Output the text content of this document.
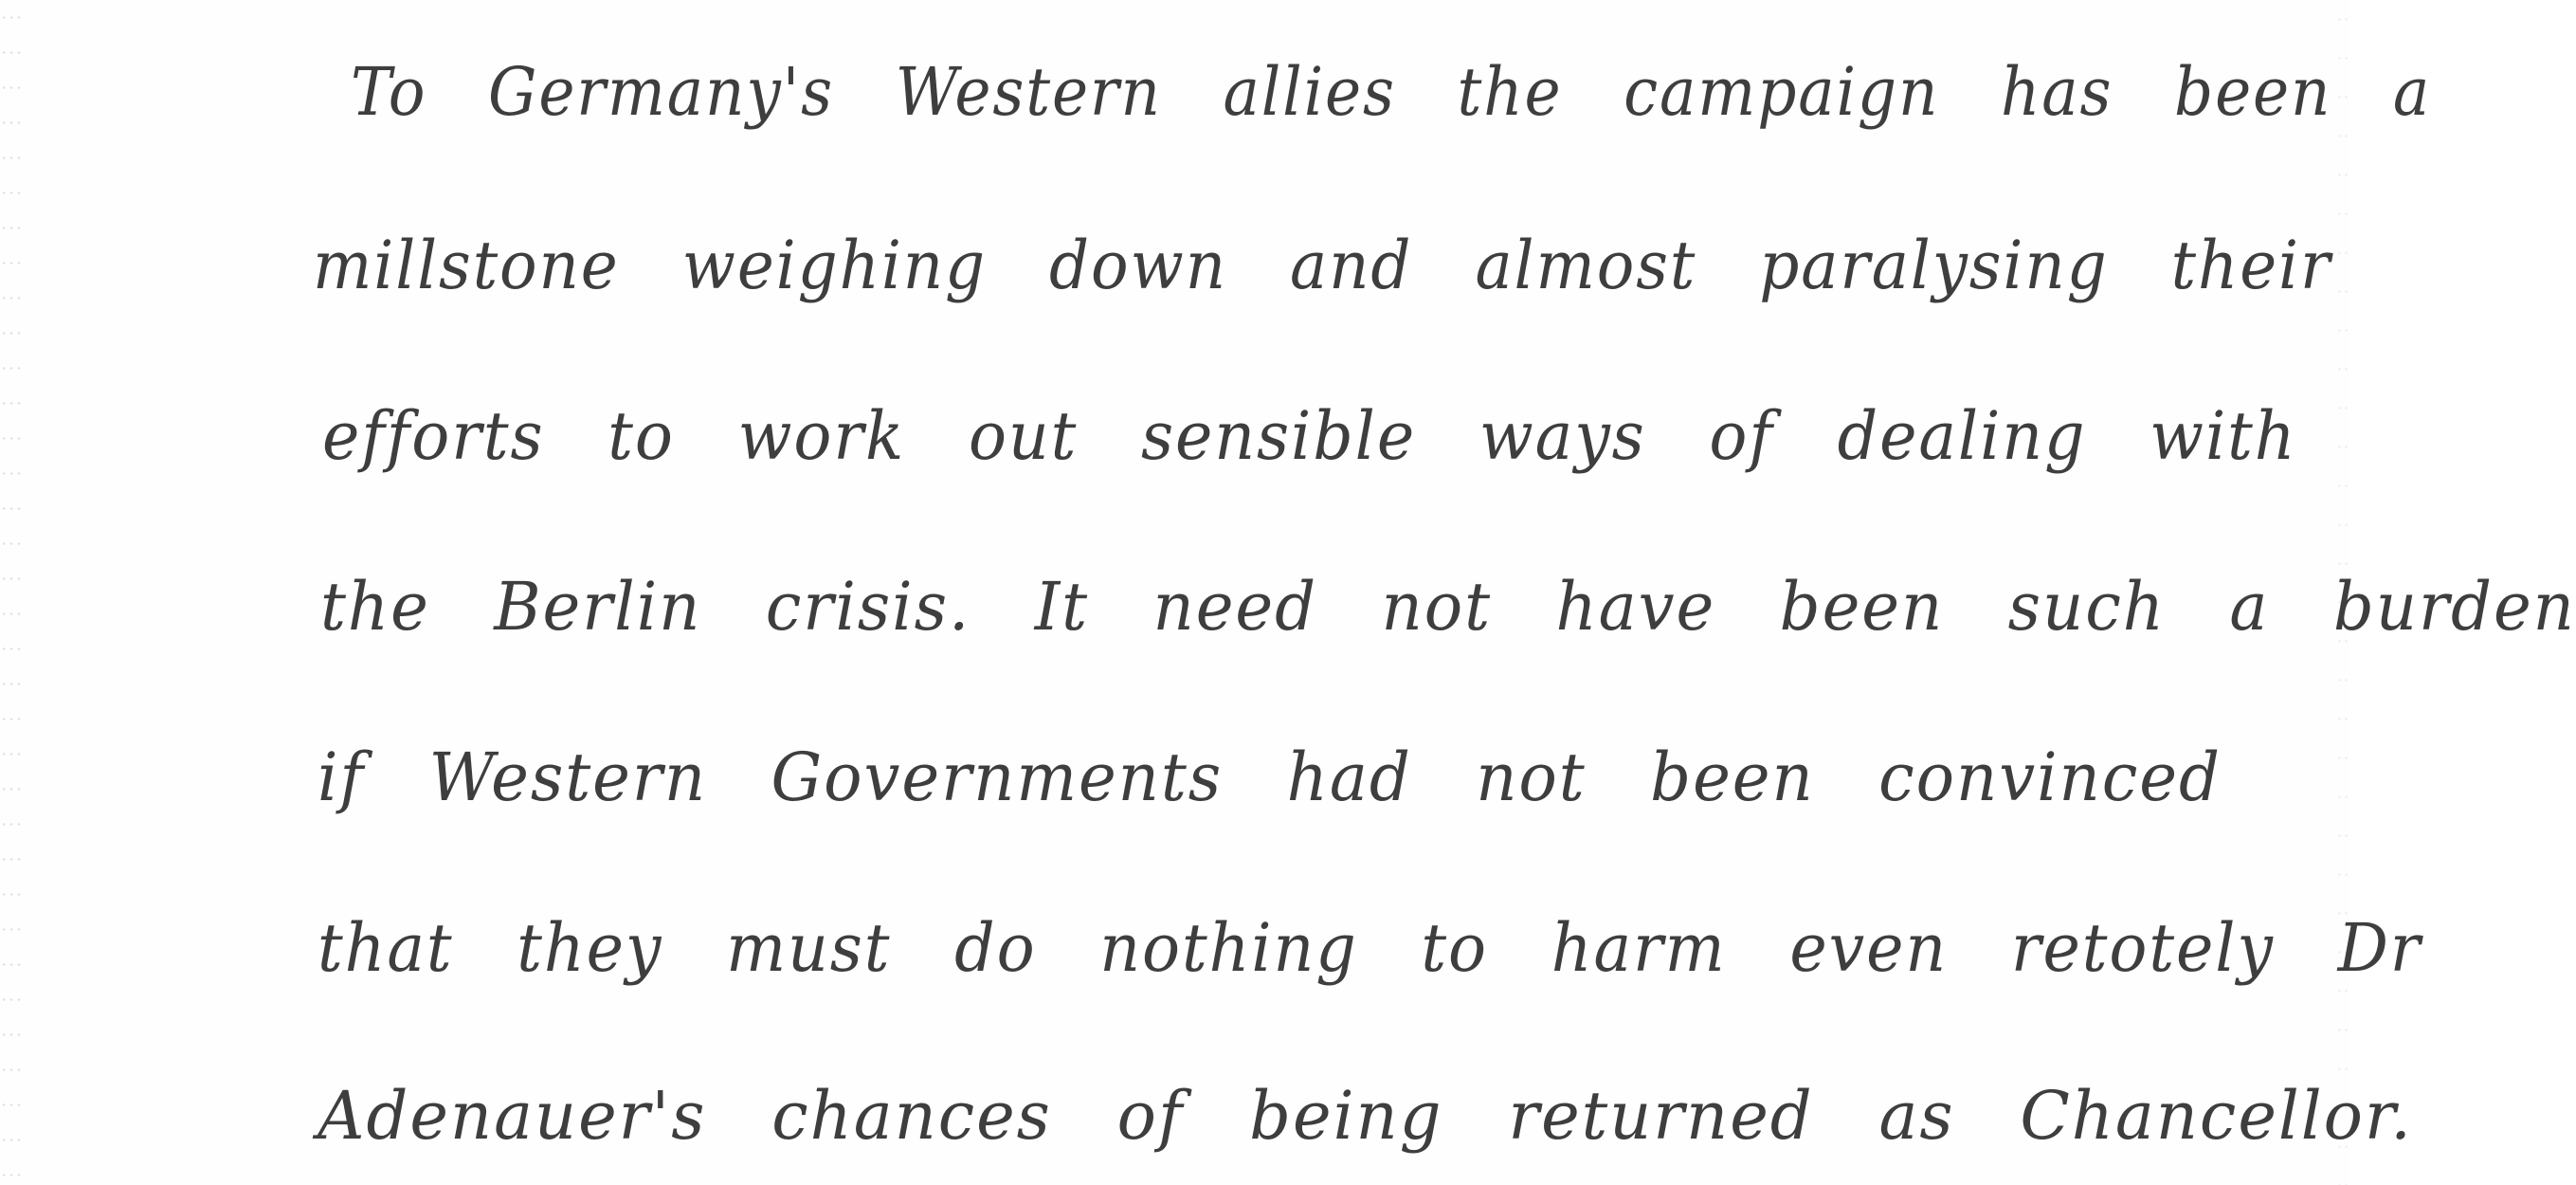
To Germany's Western allies the campaign has been a
millstone weighing down and almost paralysing their
efforts to work out sensible ways of dealing with
the Berlin crisis. It need not have been such a burden
if Western Governments had not been convinced
that they must do nothing to harm even retotely Dr
Adenauer's chances of being returned as Chancellor.
